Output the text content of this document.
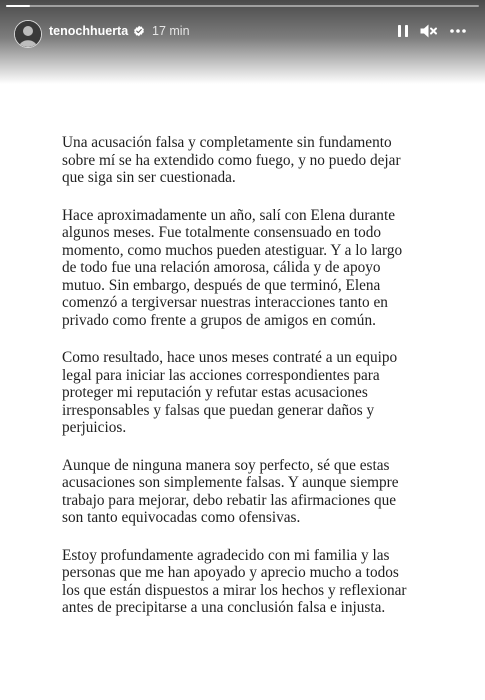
tenochhuerta 17 min

Una acusación falsa y completamente sin fundamento
sobre mí se ha extendido como fuego, y no puedo dejar
que siga sin ser cuestionada.

Hace aproximadamente un año, salí con Elena durante
algunos meses. Fue totalmente consensuado en todo
momento, como muchos pueden atestiguar. Y a lo largo
de todo fue una relación amorosa, cálida y de apoyo
mutuo. Sin embargo, después de que terminó, Elena
comenzó a tergiversar nuestras interacciones tanto en
privado como frente a grupos de amigos en común.

Como resultado, hace unos meses contraté a un equipo
legal para iniciar las acciones correspondientes para
proteger mi reputación y refutar estas acusaciones
irresponsables y falsas que puedan generar daños y
perjuicios.

Aunque de ninguna manera soy perfecto, sé que estas
acusaciones son simplemente falsas. Y aunque siempre
trabajo para mejorar, debo rebatir las afirmaciones que
son tanto equivocadas como ofensivas.

Estoy profundamente agradecido con mi familia y las
personas que me han apoyado y aprecio mucho a todos
los que están dispuestos a mirar los hechos y reflexionar
antes de precipitarse a una conclusión falsa e injusta.
